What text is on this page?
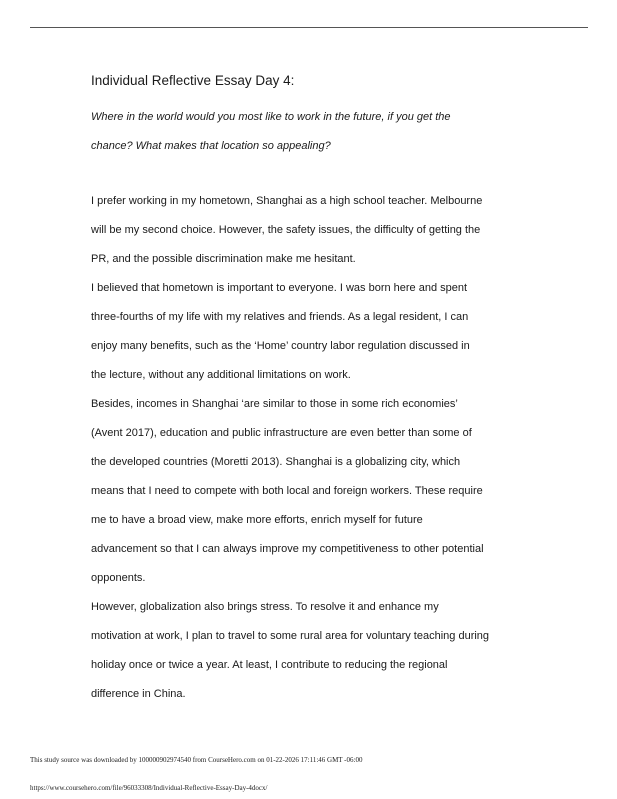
Individual Reflective Essay Day 4:

Where in the world would you most like to work in the future, if you get the

chance? What makes that location so appealing?

I prefer working in my hometown, Shanghai as a high school teacher. Melbourne

will be my second choice. However, the safety issues, the difficulty of getting the

PR, and the possible discrimination make me hesitant.

I believed that hometown is important to everyone. I was born here and spent

three-fourths of my life with my relatives and friends. As a legal resident, I can

enjoy many benefits, such as the ‘Home’ country labor regulation discussed in

the lecture, without any additional limitations on work.

Besides, incomes in Shanghai ‘are similar to those in some rich economies’

(Avent 2017), education and public infrastructure are even better than some of

the developed countries (Moretti 2013). Shanghai is a globalizing city, which

means that I need to compete with both local and foreign workers. These require

me to have a broad view, make more efforts, enrich myself for future

advancement so that I can always improve my competitiveness to other potential

opponents.

However, globalization also brings stress. To resolve it and enhance my

motivation at work, I plan to travel to some rural area for voluntary teaching during

holiday once or twice a year. At least, I contribute to reducing the regional

difference in China.

This study source was downloaded by 100000902974540 from CourseHero.com on 01-22-2026 17:11:46 GMT -06:00
https://www.coursehero.com/file/96033308/Individual-Reflective-Essay-Day-4docx/
